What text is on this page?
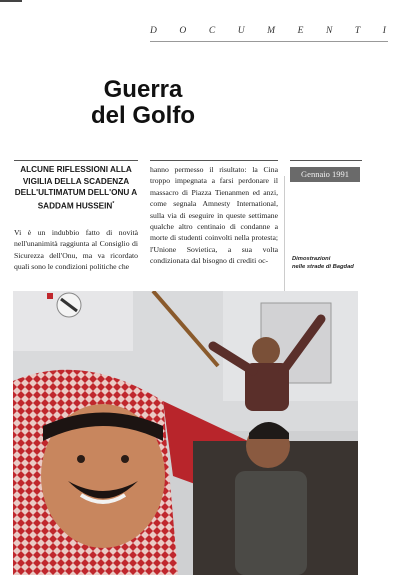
D O C U M E N T I
Guerra
del Golfo
Gennaio 1991

ALCUNE RIFLESSIONI ALLA VIGILIA DELLA SCADENZA DELL'ULTIMATUM DELL'ONU A SADDAM HUSSEIN*

Vi è un indubbio fatto di novità nell'unanimità raggiunta al Consiglio di Sicurezza dell'Onu, ma va ricordato quali sono le condizioni politiche che

hanno permesso il risultato: la Cina troppo impegnata a farsi perdonare il massacro di Piazza Tienanmen ed anzi, come segnala Amnesty International, sulla via di eseguire in queste settimane qualche altro centinaio di condanne a morte di studenti coinvolti nella protesta; l'Unione Sovietica, a sua volta condizionata dal bisogno di crediti oc-	Dimostrazioni
nelle strade di Bagdad
